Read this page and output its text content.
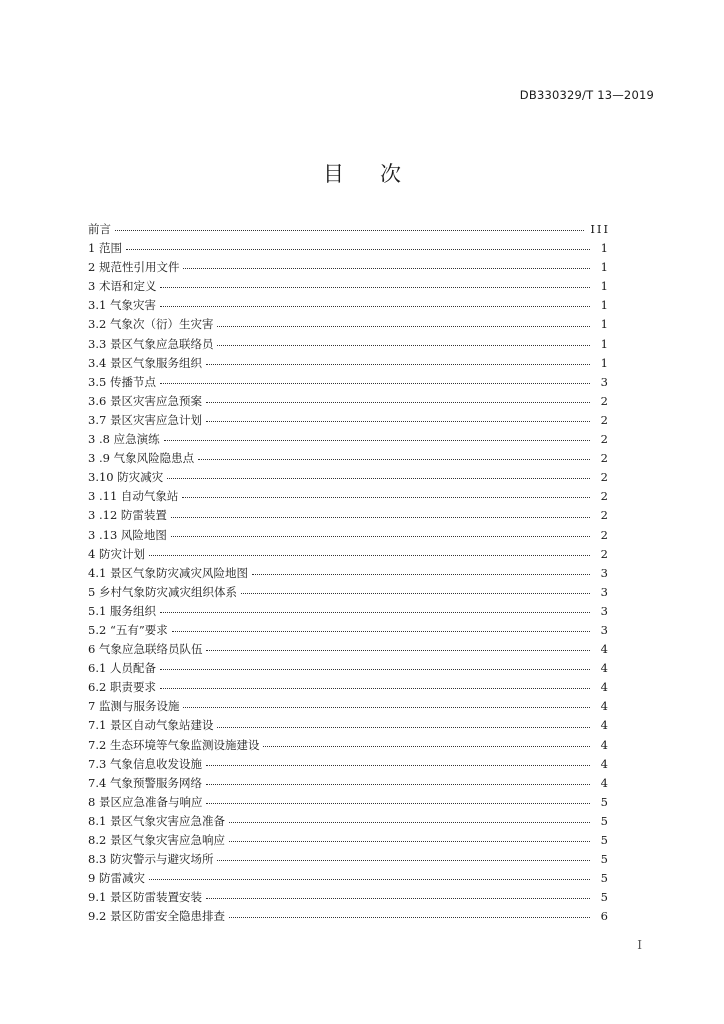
DB330329/T 13—2019
目次
前言	III
1 范围	1
2 规范性引用文件	1
3 术语和定义	1
3.1 气象灾害	1
3.2 气象次（衍）生灾害	1
3.3 景区气象应急联络员	1
3.4 景区气象服务组织	1
3.5 传播节点	3
3.6 景区灾害应急预案	2
3.7 景区灾害应急计划	2
3 .8 应急演练	2
3 .9 气象风险隐患点	2
3.10 防灾减灾	2
3 .11 自动气象站	2
3 .12 防雷装置	2
3 .13 风险地图	2
4 防灾计划	2
4.1 景区气象防灾减灾风险地图	3
5 乡村气象防灾减灾组织体系	3
5.1 服务组织	3
5.2 “五有”要求	3
6 气象应急联络员队伍	4
6.1 人员配备	4
6.2 职责要求	4
7 监测与服务设施	4
7.1 景区自动气象站建设	4
7.2 生态环境等气象监测设施建设	4
7.3 气象信息收发设施	4
7.4 气象预警服务网络	4
8 景区应急准备与响应	5
8.1 景区气象灾害应急准备	5
8.2 景区气象灾害应急响应	5
8.3 防灾警示与避灾场所	5
9 防雷减灾	5
9.1 景区防雷装置安装	5
9.2 景区防雷安全隐患排查	6
I
